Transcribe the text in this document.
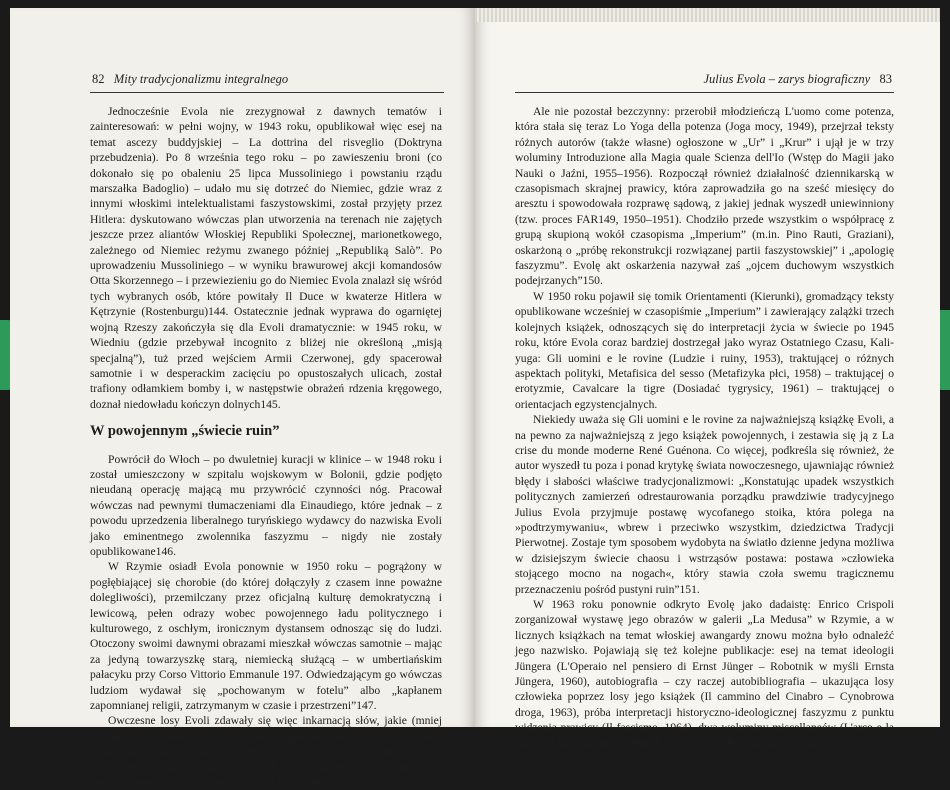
82 Mity tradycjonalizmu integralnego

Jednocześnie Evola nie zrezygnował z dawnych tematów i zainteresowań: w pełni wojny, w 1943 roku, opublikował więc esej na temat ascezy buddyjskiej – La dottrina del risveglio (Doktryna przebudzenia). Po 8 września tego roku – po zawieszeniu broni (co dokonało się po obaleniu 25 lipca Mussoliniego i powstaniu rządu marszałka Badoglio) – udało mu się dotrzeć do Niemiec, gdzie wraz z innymi włoskimi intelektualistami faszystowskimi, został przyjęty przez Hitlera: dyskutowano wówczas plan utworzenia na terenach nie zajętych jeszcze przez aliantów Włoskiej Republiki Społecznej, marionetkowego, zależnego od Niemiec reżymu zwanego później „Republiką Salò”. Po uprowadzeniu Mussoliniego – w wyniku brawurowej akcji komandosów Otta Skorzennego – i przewiezieniu go do Niemiec Evola znalazł się wśród tych wybranych osób, które powitały Il Duce w kwaterze Hitlera w Kętrzynie (Rostenburgu)144. Ostatecznie jednak wyprawa do ogarniętej wojną Rzeszy zakończyła się dla Evoli dramatycznie: w 1945 roku, w Wiedniu (gdzie przebywał incognito z bliżej nie określoną „misją specjalną”), tuż przed wejściem Armii Czerwonej, gdy spacerował samotnie i w desperackim zacięciu po opustoszałych ulicach, został trafiony odłamkiem bomby i, w następstwie obrażeń rdzenia kręgowego, doznał niedowładu kończyn dolnych145.

W powojennym „świecie ruin”

Powrócił do Włoch – po dwuletniej kuracji w klinice – w 1948 roku i został umieszczony w szpitalu wojskowym w Bolonii, gdzie podjęto nieudaną operację mającą mu przywrócić czynności nóg. Pracował wówczas nad pewnymi tłumaczeniami dla Einaudiego, które jednak – z powodu uprzedzenia liberalnego turyńskiego wydawcy do nazwiska Evoli jako eminentnego zwolennika faszyzmu – nigdy nie zostały opublikowane146.

W Rzymie osiadł Evola ponownie w 1950 roku – pogrążony w pogłębiającej się chorobie (do której dołączyły z czasem inne poważne dolegliwości), przemilczany przez oficjalną kulturę demokratyczną i lewicową, pełen odrazy wobec powojennego ładu politycznego i kulturowego, z oschłym, ironicznym dystansem odnosząc się do ludzi. Otoczony swoimi dawnymi obrazami mieszkał wówczas samotnie – mając za jedyną towarzyszkę starą, niemiecką służącą – w umbertiańskim pałacyku przy Corso Vittorio Emmanule 197. Odwiedzającym go wówczas ludziom wydawał się „pochowanym w fotelu” albo „kapłanem zapomnianej religii, zatrzymanym w czasie i przestrzeni”147.

Owczesne losy Evoli zdawały się więc inkarnacją słów, jakie (mniej więcej w tym okresie, w 1962 roku) wypowiedział – analizując cztery władze Apollona w prologu homeryckiej Iliady – Georges Dumézil: „Nie ma potrzeby troszczyć się o ciała tych, którzy przeżyli – jeśli nie liczyć zmycia plamy, która stała się przyczyną kary”148.

Julius Evola – zarys biograficzny 83

Ale nie pozostał bezczynny: przerobił młodzieńczą L'uomo come potenza, która stała się teraz Lo Yoga della potenza (Joga mocy, 1949), przejrzał teksty różnych autorów (także własne) ogłoszone w „Ur” i „Krur” i ujął je w trzy woluminy Introduzione alla Magia quale Scienza dell'Io (Wstęp do Magii jako Nauki o Jaźni, 1955–1956). Rozpoczął również działalność dziennikarską w czasopismach skrajnej prawicy, która zaprowadziła go na sześć miesięcy do aresztu i spowodowała rozprawę sądową, z jakiej jednak wyszedł uniewinniony (tzw. proces FAR149, 1950–1951). Chodziło przede wszystkim o współpracę z grupą skupioną wokół czasopisma „Imperium” (m.in. Pino Rauti, Graziani), oskarżoną o „próbę rekonstrukcji rozwiązanej partii faszystowskiej” i „apologię faszyzmu”. Evolę akt oskarżenia nazywał zaś „ojcem duchowym wszystkich podejrzanych”150.

W 1950 roku pojawił się tomik Orientamenti (Kierunki), gromadzący teksty opublikowane wcześniej w czasopiśmie „Imperium” i zawierający zalążki trzech kolejnych książek, odnoszących się do interpretacji życia w świecie po 1945 roku, które Evola coraz bardziej dostrzegał jako wyraz Ostatniego Czasu, Kali-yuga: Gli uomini e le rovine (Ludzie i ruiny, 1953), traktującej o różnych aspektach polityki, Metafisica del sesso (Metafizyka płci, 1958) – traktującej o erotyzmie, Cavalcare la tigre (Dosiadać tygrysicy, 1961) – traktującej o orientacjach egzystencjalnych.

Niekiedy uważa się Gli uomini e le rovine za najważniejszą książkę Evoli, a na pewno za najważniejszą z jego książek powojennych, i zestawia się ją z La crise du monde moderne René Guénona. Co więcej, podkreśla się również, że autor wyszedł tu poza i ponad krytykę świata nowoczesnego, ujawniając również błędy i słabości właściwe tradycjonalizmowi: „Konstatując upadek wszystkich politycznych zamierzeń odrestaurowania porządku prawdziwie tradycyjnego Julius Evola przyjmuje postawę wycofanego stoika, która polega na »podtrzymywaniu«, wbrew i przeciwko wszystkim, dziedzictwa Tradycji Pierwotnej. Zostaje tym sposobem wydobyta na światło dzienne jedyna możliwa w dzisiejszym świecie chaosu i wstrząsów postawa: postawa »człowieka stojącego mocno na nogach«, który stawia czoła swemu tragicznemu przeznaczeniu pośród pustyni ruin”151.

W 1963 roku ponownie odkryto Evolę jako dadaistę: Enrico Crispoli zorganizował wystawę jego obrazów w galerii „La Medusa” w Rzymie, a w licznych książkach na temat włoskiej awangardy znowu można było odnaleźć jego nazwisko. Pojawiają się też kolejne publikacje: esej na temat ideologii Jüngera (L'Operaio nel pensiero di Ernst Jünger – Robotnik w myśli Ernsta Jüngera, 1960), autobiografia – czy raczej autobibliografia – ukazująca losy człowieka poprzez losy jego książek (Il cammino del Cinabro – Cynobrowa droga, 1963), próba interpretacji historyczno-ideologicznej faszyzmu z punktu widzenia prawicy (Il fascismo, 1964), dwa woluminy miscellaneów (L'arco e la clava – Łuk i maczuga, 1968; Ricognizioni – Rozpoznania, 1974), a wreszcie
